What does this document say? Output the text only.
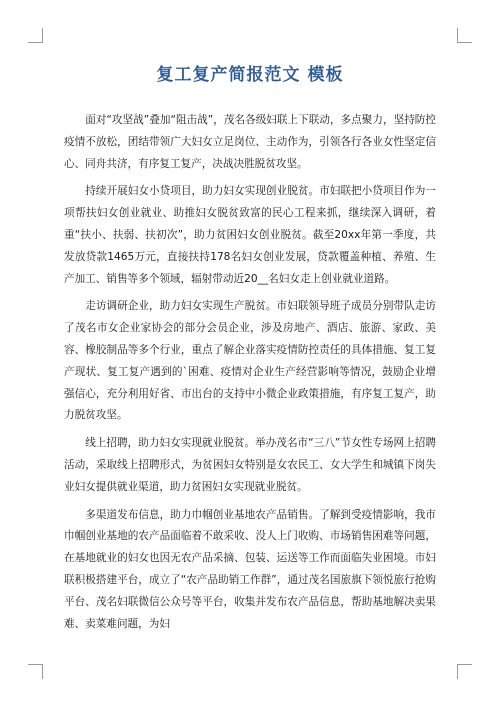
复工复产简报范文 模板

面对“攻坚战”叠加“阻击战”，茂名各级妇联上下联动，多点聚力，坚持防控疫情不放松，团结带领广大妇女立足岗位、主动作为，引领各行各业女性坚定信心、同舟共济，有序复工复产，决战决胜脱贫攻坚。

持续开展妇女小贷项目，助力妇女实现创业脱贫。市妇联把小贷项目作为一项帮扶妇女创业就业、助推妇女脱贫致富的民心工程来抓，继续深入调研，着重“扶小、扶弱、扶初次”，助力贫困妇女创业脱贫。截至20xx年第一季度，共发放贷款1465万元，直接扶持178名妇女创业发展，贷款覆盖种植、养殖、生产加工、销售等多个领域，辐射带动近20__名妇女走上创业就业道路。

走访调研企业，助力妇女实现生产脱贫。市妇联领导班子成员分别带队走访了茂名市女企业家协会的部分会员企业，涉及房地产、酒店、旅游、家政、美容、橡胶制品等多个行业，重点了解企业落实疫情防控责任的具体措施、复工复产现状、复工复产遇到的`困难、疫情对企业生产经营影响等情况，鼓励企业增强信心，充分利用好省、市出台的支持中小微企业政策措施，有序复工复产，助力脱贫攻坚。

线上招聘，助力妇女实现就业脱贫。举办茂名市“三八”节女性专场网上招聘活动，采取线上招聘形式，为贫困妇女特别是女农民工、女大学生和城镇下岗失业妇女提供就业渠道，助力贫困妇女实现就业脱贫。

多渠道发布信息，助力巾帼创业基地农产品销售。了解到受疫情影响，我市巾帼创业基地的农产品面临着不敢采收、没人上门收购、市场销售困难等问题，在基地就业的妇女也因无农产品采摘、包装、运送等工作而面临失业困境。市妇联积极搭建平台，成立了“农产品助销工作群”，通过茂名国旅旗下领悦旅行抢购平台、茂名妇联微信公众号等平台，收集并发布农产品信息，帮助基地解决卖果难、卖菜难问题，为妇
